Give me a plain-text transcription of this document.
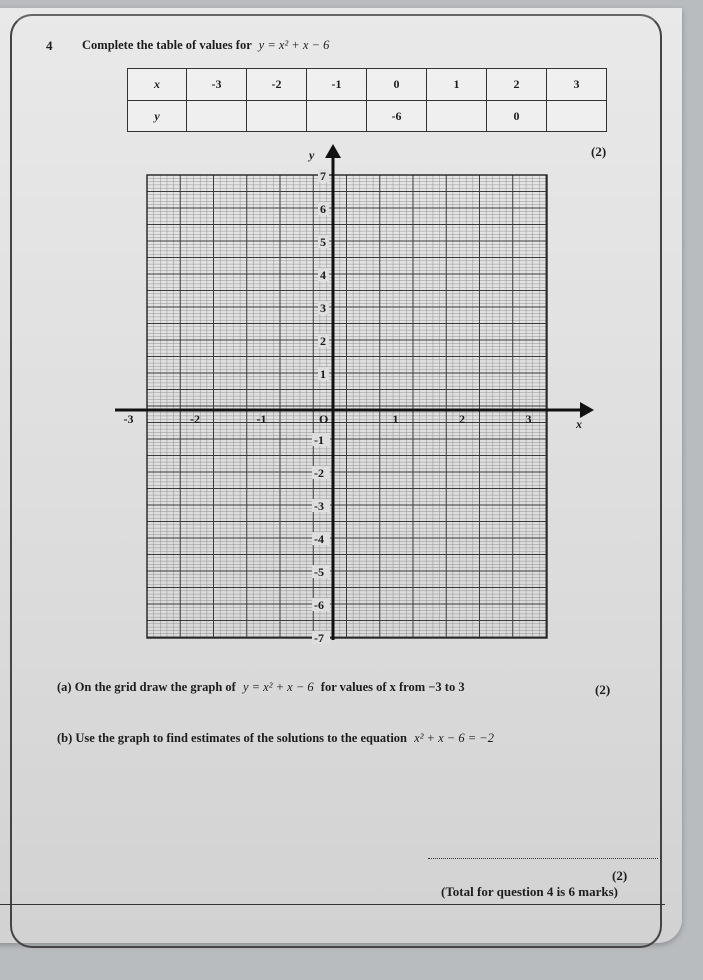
4 Complete the table of values for y = x² + x − 6
x	-3	-2	-1	0	1	2	3
y				-6		0	
(2)
x
y
-3	-2	-1	O	1	2	3
7
6
5
4
3
2
1
-1
-2
-3
-4
-5
-6
-7
(a) On the grid draw the graph of y = x² + x − 6 for values of x from −3 to 3	(2)
(b) Use the graph to find estimates of the solutions to the equation x² + x − 6 = −2
(2)
(Total for question 4 is 6 marks)
